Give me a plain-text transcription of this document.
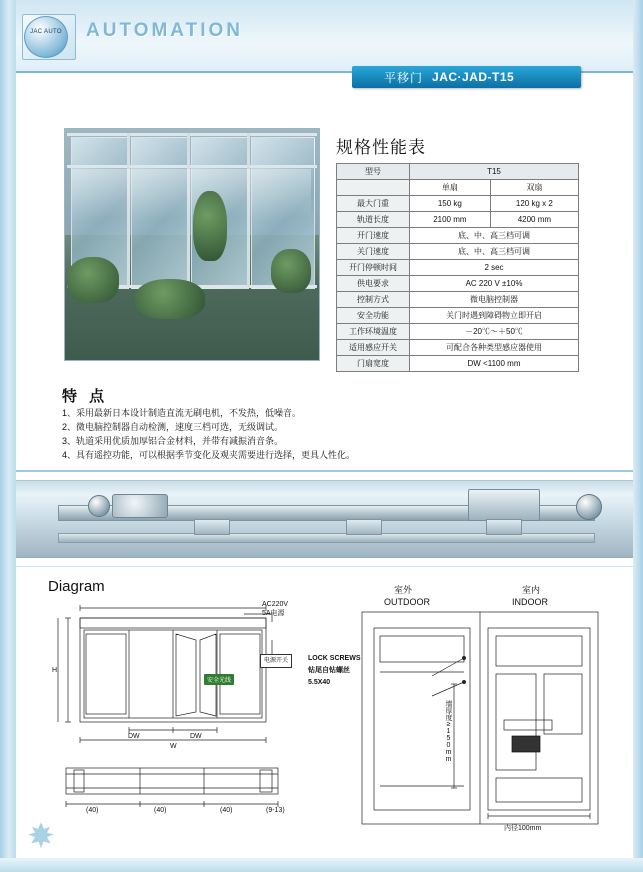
JAC AUTO AUTOMATION
平移门 JAC·JAD-T15
规格性能表
型号	T15	
	单扇	双扇
最大门重	150 kg	120 kg x 2
轨道长度	2100 mm	4200 mm
开门速度	底、中、高三档可调	
关门速度	底、中、高三档可调	
开门停顿时间	2 sec	
供电要求	AC 220 V ±10%	
控制方式	微电脑控制器	
安全功能	关门时遇到障碍物立即开启	
工作环境温度	－20℃～＋50℃	
适用感应开关	可配合各种类型感应器使用	
门扇宽度	DW <1100 mm	
特 点
1、采用最新日本设计制造直流无刷电机，不发热，低噪音。
2、微电脑控制器自动检测，速度三档可选，无级调试。
3、轨道采用优质加厚铝合金材料，并带有减振消音条。
4、具有遥控功能，可以根据季节变化及观夹需要进行选择，更具人性化。
Diagram
AC220V
5A电源
电源开关
安全光线
DW	DW
W
H
(40)	(40)	(40)	(9-13)
室外
OUTDOOR
室内
INDOOR
LOCK SCREWS
钻尾自钻螺丝
5.5X40
墙厚度≥150mm
内径100mm
